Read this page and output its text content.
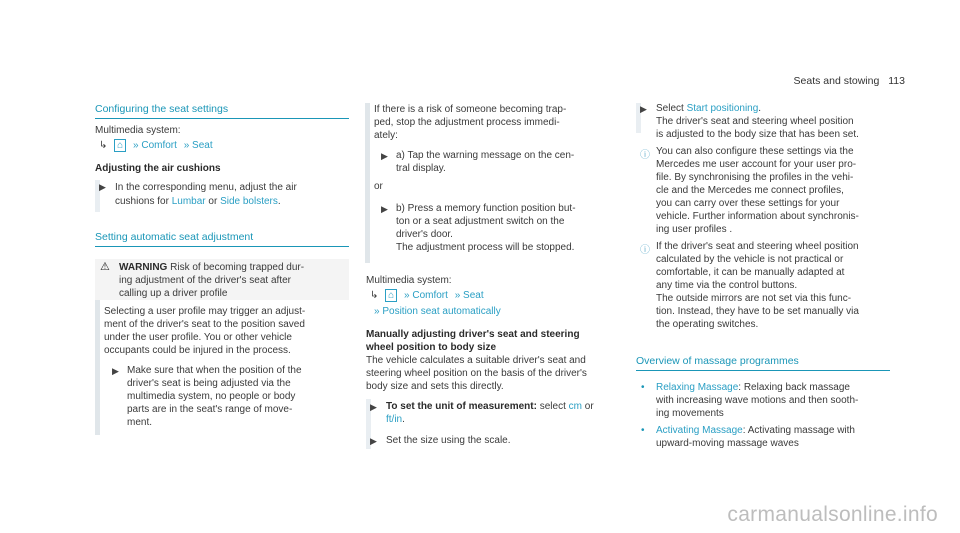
Seats and stowing 113
Configuring the seat settings
Multimedia system:
↳ ⌂ » Comfort » Seat
Adjusting the air cushions
▶ In the corresponding menu, adjust the air
cushions for Lumbar or Side bolsters.
Setting automatic seat adjustment
⚠ WARNING Risk of becoming trapped dur-
ing adjustment of the driver's seat after
calling up a driver profile
Selecting a user profile may trigger an adjust-
ment of the driver's seat to the position saved
under the user profile. You or other vehicle
occupants could be injured in the process.
▶ Make sure that when the position of the
driver's seat is being adjusted via the
multimedia system, no people or body
parts are in the seat's range of move-
ment.
If there is a risk of someone becoming trap-
ped, stop the adjustment process immedi-
ately:
▶ a) Tap the warning message on the cen-
tral display.
or
▶ b) Press a memory function position but-
ton or a seat adjustment switch on the
driver's door.
The adjustment process will be stopped.
Multimedia system:
↳ ⌂ » Comfort » Seat
» Position seat automatically
Manually adjusting driver's seat and steering
wheel position to body size
The vehicle calculates a suitable driver's seat and
steering wheel position on the basis of the driver's
body size and sets this directly.
▶ To set the unit of measurement: select cm or
ft/in.
▶ Set the size using the scale.
▶ Select Start positioning.
The driver's seat and steering wheel position
is adjusted to the body size that has been set.
ⓘ You can also configure these settings via the
Mercedes me user account for your user pro-
file. By synchronising the profiles in the vehi-
cle and the Mercedes me connect profiles,
you can carry over these settings for your
vehicle. Further information about synchronis-
ing user profiles .
ⓘ If the driver's seat and steering wheel position
calculated by the vehicle is not practical or
comfortable, it can be manually adapted at
any time via the control buttons.
The outside mirrors are not set via this func-
tion. Instead, they have to be set manually via
the operating switches.
Overview of massage programmes
• Relaxing Massage: Relaxing back massage
with increasing wave motions and then sooth-
ing movements
• Activating Massage: Activating massage with
upward-moving massage waves
carmanualsonline.info
